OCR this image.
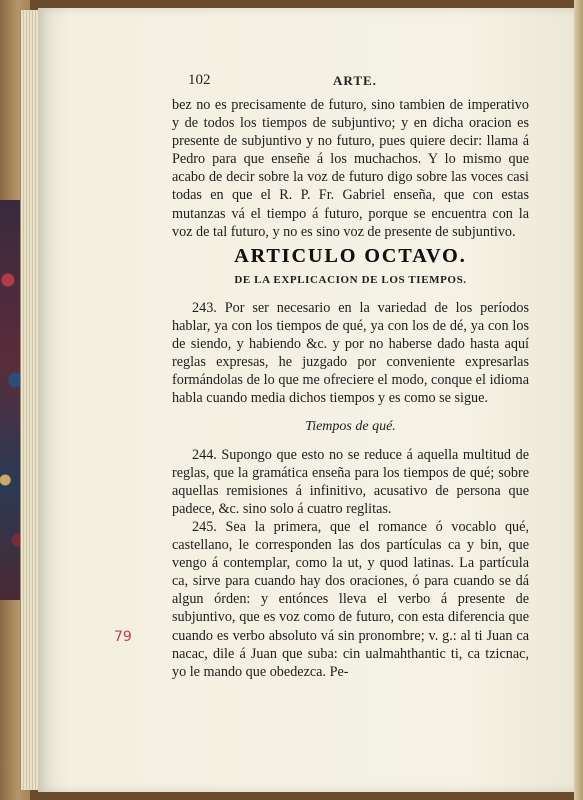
102	ARTE.
79

bez no es precisamente de futuro, sino tambien de imperativo y de todos los tiempos de subjuntivo; y en dicha oracion es presente de subjuntivo y no futuro, pues quiere decir: llama á Pedro para que enseñe á los muchachos. Y lo mismo que acabo de decir sobre la voz de futuro digo sobre las voces casi todas en que el R. P. Fr. Gabriel enseña, que con estas mutanzas vá el tiempo á futuro, porque se encuentra con la voz de tal futuro, y no es sino voz de presente de subjuntivo.

ARTICULO OCTAVO.
DE LA EXPLICACION DE LOS TIEMPOS.

243. Por ser necesario en la variedad de los períodos hablar, ya con los tiempos de qué, ya con los de dé, ya con los de siendo, y habiendo &c. y por no haberse dado hasta aquí reglas expresas, he juzgado por conveniente expresarlas formándolas de lo que me ofreciere el modo, conque el idioma habla cuando media dichos tiempos y es como se sigue.

Tiempos de qué.

244. Supongo que esto no se reduce á aquella multitud de reglas, que la gramática enseña para los tiempos de qué; sobre aquellas remisiones á infinitivo, acusativo de persona que padece, &c. sino solo á cuatro reglitas.

245. Sea la primera, que el romance ó vocablo qué, castellano, le corresponden las dos partículas ca y bin, que vengo á contemplar, como la ut, y quod latinas. La partícula ca, sirve para cuando hay dos oraciones, ó para cuando se dá algun órden: y entónces lleva el verbo á presente de subjuntivo, que es voz como de futuro, con esta diferencia que cuando es verbo absoluto vá sin pronombre; v. g.: al ti Juan ca nacac, dile á Juan que suba: cin ualmahthantic ti, ca tzicnac, yo le mando que obedezca. Pe-
